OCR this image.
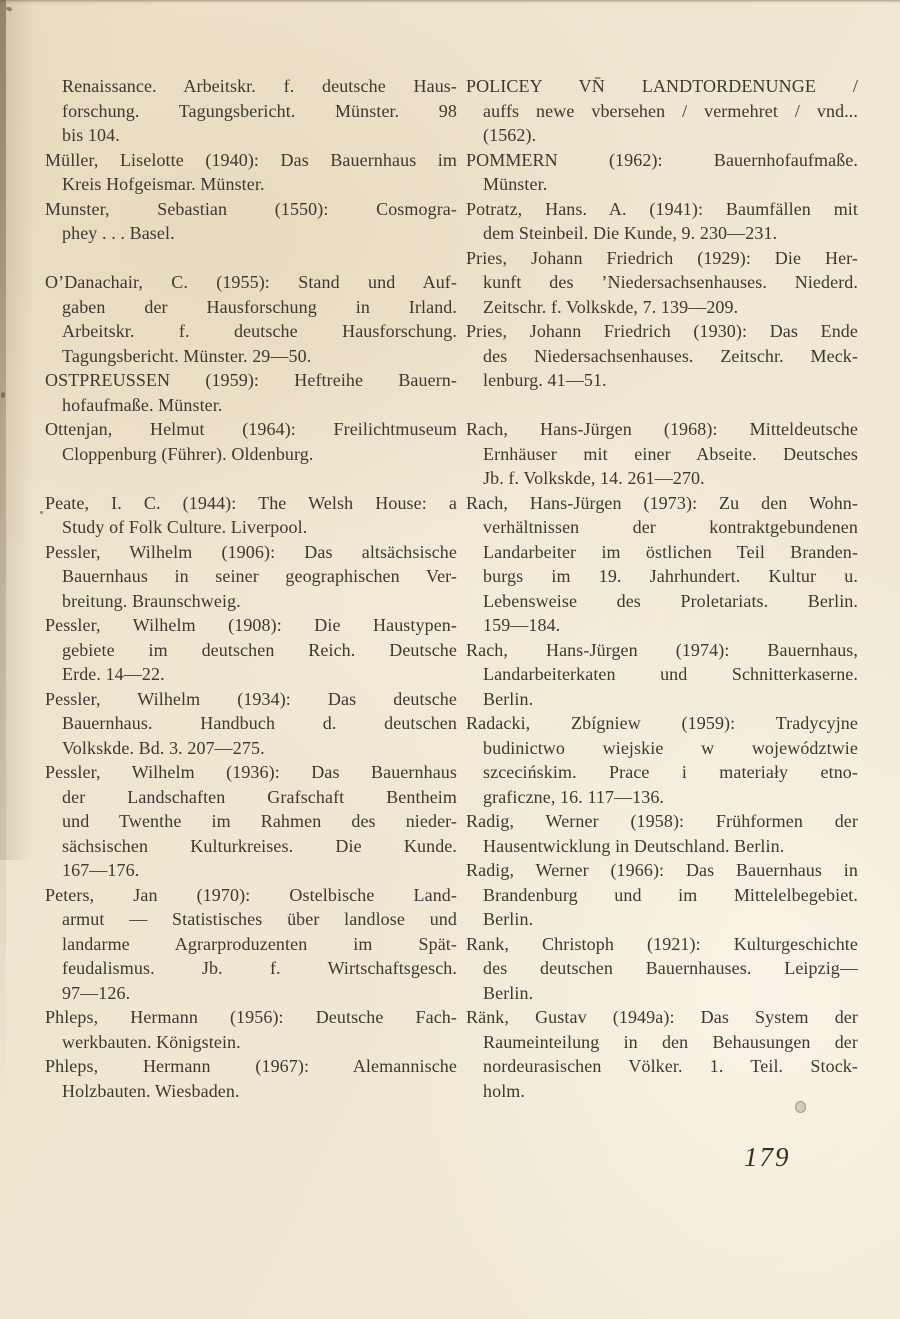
Renaissance. Arbeitskr. f. deutsche Haus-
forschung. Tagungsbericht. Münster. 98
bis 104.
Müller, Liselotte (1940): Das Bauernhaus im
Kreis Hofgeismar. Münster.
Munster, Sebastian (1550): Cosmogra-
phey . . . Basel.
O’Danachair, C. (1955): Stand und Auf-
gaben der Hausforschung in Irland.
Arbeitskr. f. deutsche Hausforschung.
Tagungsbericht. Münster. 29—50.
OSTPREUSSEN (1959): Heftreihe Bauern-
hofaufmaße. Münster.
Ottenjan, Helmut (1964): Freilichtmuseum
Cloppenburg (Führer). Oldenburg.
Peate, I. C. (1944): The Welsh House: a
Study of Folk Culture. Liverpool.
Pessler, Wilhelm (1906): Das altsächsische
Bauernhaus in seiner geographischen Ver-
breitung. Braunschweig.
Pessler, Wilhelm (1908): Die Haustypen-
gebiete im deutschen Reich. Deutsche
Erde. 14—22.
Pessler, Wilhelm (1934): Das deutsche
Bauernhaus. Handbuch d. deutschen
Volkskde. Bd. 3. 207—275.
Pessler, Wilhelm (1936): Das Bauernhaus
der Landschaften Grafschaft Bentheim
und Twenthe im Rahmen des nieder-
sächsischen Kulturkreises. Die Kunde.
167—176.
Peters, Jan (1970): Ostelbische Land-
armut — Statistisches über landlose und
landarme Agrarproduzenten im Spät-
feudalismus. Jb. f. Wirtschaftsgesch.
97—126.
Phleps, Hermann (1956): Deutsche Fach-
werkbauten. Königstein.
Phleps, Hermann (1967): Alemannische
Holzbauten. Wiesbaden.
POLICEY VN̄ LANDTORDENUNGE /
auffs newe vbersehen / vermehret / vnd...
(1562).
POMMERN (1962): Bauernhofaufmaße.
Münster.
Potratz, Hans. A. (1941): Baumfällen mit
dem Steinbeil. Die Kunde, 9. 230—231.
Pries, Johann Friedrich (1929): Die Her-
kunft des ’Niedersachsenhauses. Niederd.
Zeitschr. f. Volkskde, 7. 139—209.
Pries, Johann Friedrich (1930): Das Ende
des Niedersachsenhauses. Zeitschr. Meck-
lenburg. 41—51.
Rach, Hans-Jürgen (1968): Mitteldeutsche
Ernhäuser mit einer Abseite. Deutsches
Jb. f. Volkskde, 14. 261—270.
Rach, Hans-Jürgen (1973): Zu den Wohn-
verhältnissen der kontraktgebundenen
Landarbeiter im östlichen Teil Branden-
burgs im 19. Jahrhundert. Kultur u.
Lebensweise des Proletariats. Berlin.
159—184.
Rach, Hans-Jürgen (1974): Bauernhaus,
Landarbeiterkaten und Schnitterkaserne.
Berlin.
Radacki, Zbígniew (1959): Tradycyjne
budinictwo wiejskie w województwie
szcecińskim. Prace i materiały etno-
graficzne, 16. 117—136.
Radig, Werner (1958): Frühformen der
Hausentwicklung in Deutschland. Berlin.
Radig, Werner (1966): Das Bauernhaus in
Brandenburg und im Mittelelbegebiet.
Berlin.
Rank, Christoph (1921): Kulturgeschichte
des deutschen Bauernhauses. Leipzig—
Berlin.
Ränk, Gustav (1949a): Das System der
Raumeinteilung in den Behausungen der
nordeurasischen Völker. 1. Teil. Stock-
holm.
179
